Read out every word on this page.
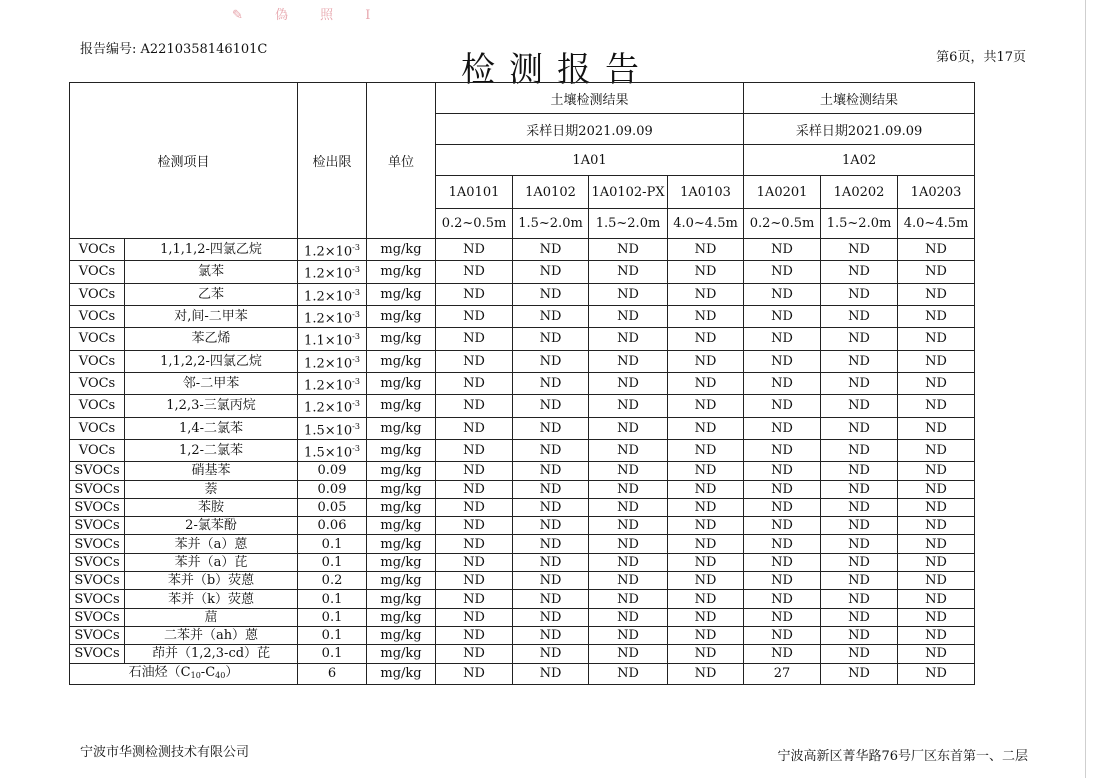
✎ 偽 照 I
报告编号: A2210358146101C
检测报告	第6页，共17页
检测项目		检出限	单位	土壤检测结果				土壤检测结果		
				采样日期2021.09.09				采样日期2021.09.09		
				1A01				1A02		
				1A0101	1A0102	1A0102-PX	1A0103	1A0201	1A0202	1A0203
				0.2~0.5m	1.5~2.0m	1.5~2.0m	4.0~4.5m	0.2~0.5m	1.5~2.0m	4.0~4.5m
VOCs	1,1,1,2-四氯乙烷	$1.2\times 10^{-3}$	mg/kg	ND	ND	ND	ND	ND	ND	ND
VOCs	氯苯	$1.2\times 10^{-3}$	mg/kg	ND	ND	ND	ND	ND	ND	ND
VOCs	乙苯	$1.2\times 10^{-3}$	mg/kg	ND	ND	ND	ND	ND	ND	ND
VOCs	对,间-二甲苯	$1.2\times 10^{-3}$	mg/kg	ND	ND	ND	ND	ND	ND	ND
VOCs	苯乙烯	$1.1\times 10^{-3}$	mg/kg	ND	ND	ND	ND	ND	ND	ND
VOCs	1,1,2,2-四氯乙烷	$1.2\times 10^{-3}$	mg/kg	ND	ND	ND	ND	ND	ND	ND
VOCs	邻-二甲苯	$1.2\times 10^{-3}$	mg/kg	ND	ND	ND	ND	ND	ND	ND
VOCs	1,2,3-三氯丙烷	$1.2\times 10^{-3}$	mg/kg	ND	ND	ND	ND	ND	ND	ND
VOCs	1,4-二氯苯	$1.5\times 10^{-3}$	mg/kg	ND	ND	ND	ND	ND	ND	ND
VOCs	1,2-二氯苯	$1.5\times 10^{-3}$	mg/kg	ND	ND	ND	ND	ND	ND	ND
SVOCs	硝基苯	0.09	mg/kg	ND	ND	ND	ND	ND	ND	ND
SVOCs	萘	0.09	mg/kg	ND	ND	ND	ND	ND	ND	ND
SVOCs	苯胺	0.05	mg/kg	ND	ND	ND	ND	ND	ND	ND
SVOCs	2-氯苯酚	0.06	mg/kg	ND	ND	ND	ND	ND	ND	ND
SVOCs	苯并（a）蒽	0.1	mg/kg	ND	ND	ND	ND	ND	ND	ND
SVOCs	苯并（a）芘	0.1	mg/kg	ND	ND	ND	ND	ND	ND	ND
SVOCs	苯并（b）荧蒽	0.2	mg/kg	ND	ND	ND	ND	ND	ND	ND
SVOCs	苯并（k）荧蒽	0.1	mg/kg	ND	ND	ND	ND	ND	ND	ND
SVOCs	䓛	0.1	mg/kg	ND	ND	ND	ND	ND	ND	ND
SVOCs	二苯并（ah）蒽	0.1	mg/kg	ND	ND	ND	ND	ND	ND	ND
SVOCs	茚并（1,2,3-cd）芘	0.1	mg/kg	ND	ND	ND	ND	ND	ND	ND
石油烃$(C_{10}-C_{40})$		6	mg/kg	ND	ND	ND	ND	27	ND	ND
宁波市华测检测技术有限公司	宁波高新区菁华路76号厂区东首第一、二层
